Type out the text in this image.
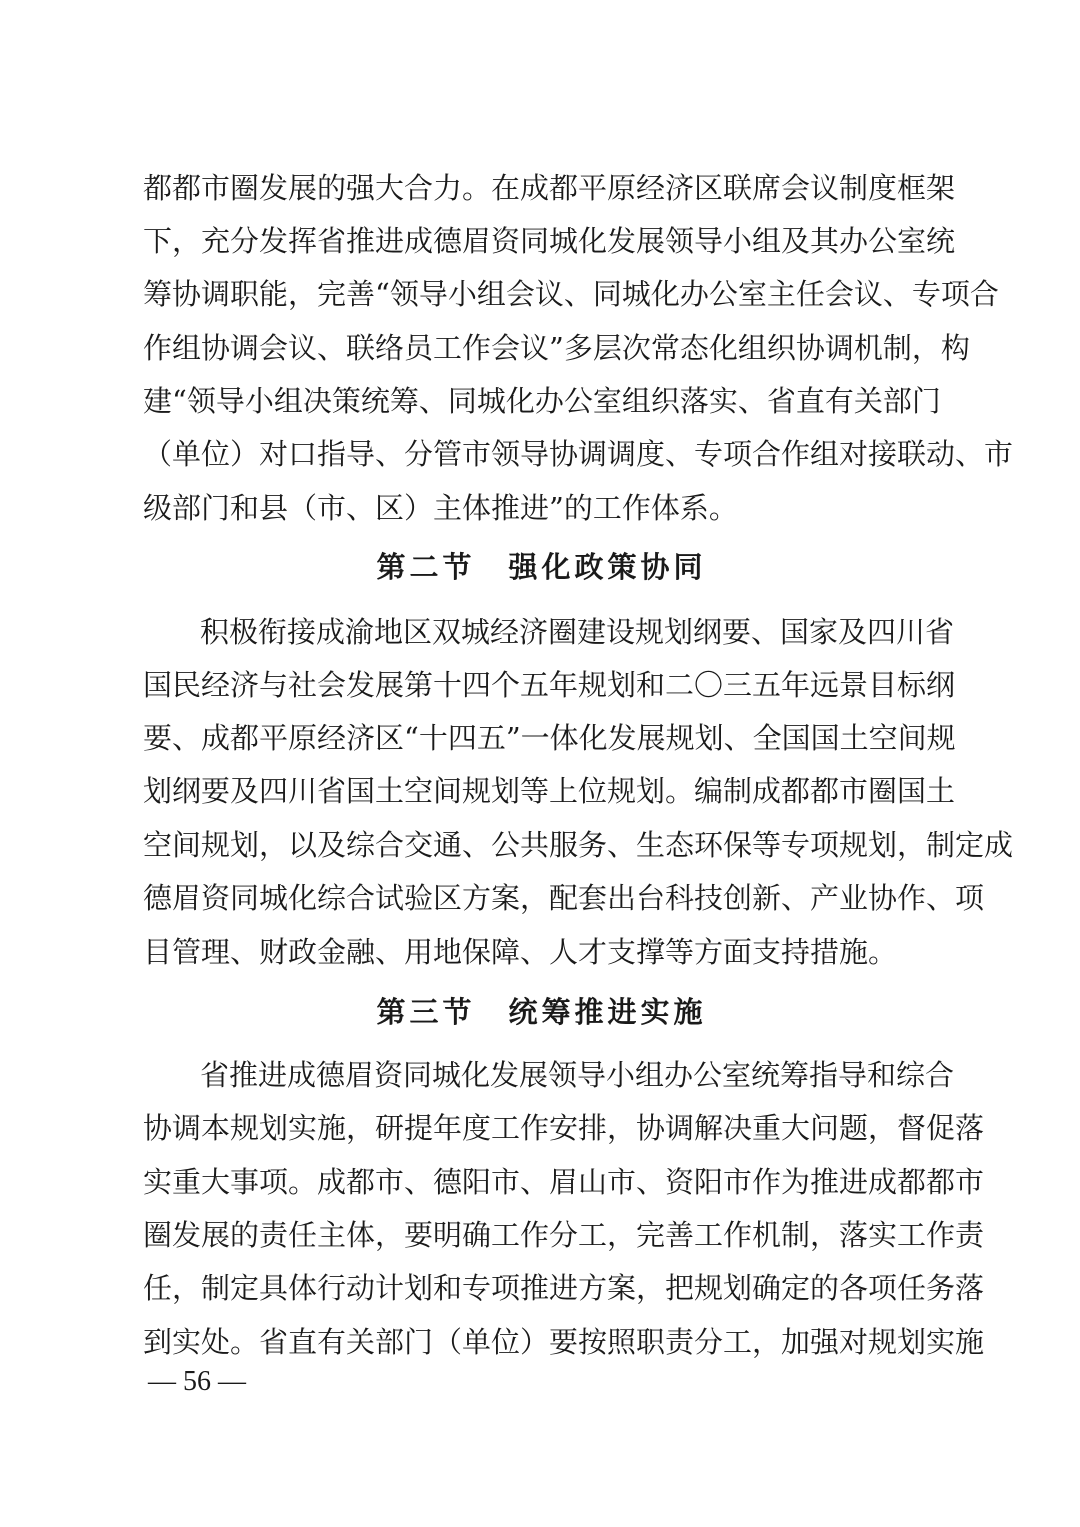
都都市圈发展的强大合力。在成都平原经济区联席会议制度框架
下，充分发挥省推进成德眉资同城化发展领导小组及其办公室统
筹协调职能，完善“领导小组会议、同城化办公室主任会议、专项合
作组协调会议、联络员工作会议”多层次常态化组织协调机制，构
建“领导小组决策统筹、同城化办公室组织落实、省直有关部门
（单位）对口指导、分管市领导协调调度、专项合作组对接联动、市
级部门和县（市、区）主体推进”的工作体系。
第二节　强化政策协同
积极衔接成渝地区双城经济圈建设规划纲要、国家及四川省
国民经济与社会发展第十四个五年规划和二〇三五年远景目标纲
要、成都平原经济区“十四五”一体化发展规划、全国国土空间规
划纲要及四川省国土空间规划等上位规划。编制成都都市圈国土
空间规划，以及综合交通、公共服务、生态环保等专项规划，制定成
德眉资同城化综合试验区方案，配套出台科技创新、产业协作、项
目管理、财政金融、用地保障、人才支撑等方面支持措施。
第三节　统筹推进实施
省推进成德眉资同城化发展领导小组办公室统筹指导和综合
协调本规划实施，研提年度工作安排，协调解决重大问题，督促落
实重大事项。成都市、德阳市、眉山市、资阳市作为推进成都都市
圈发展的责任主体，要明确工作分工，完善工作机制，落实工作责
任，制定具体行动计划和专项推进方案，把规划确定的各项任务落
到实处。省直有关部门（单位）要按照职责分工，加强对规划实施
— 56 —
